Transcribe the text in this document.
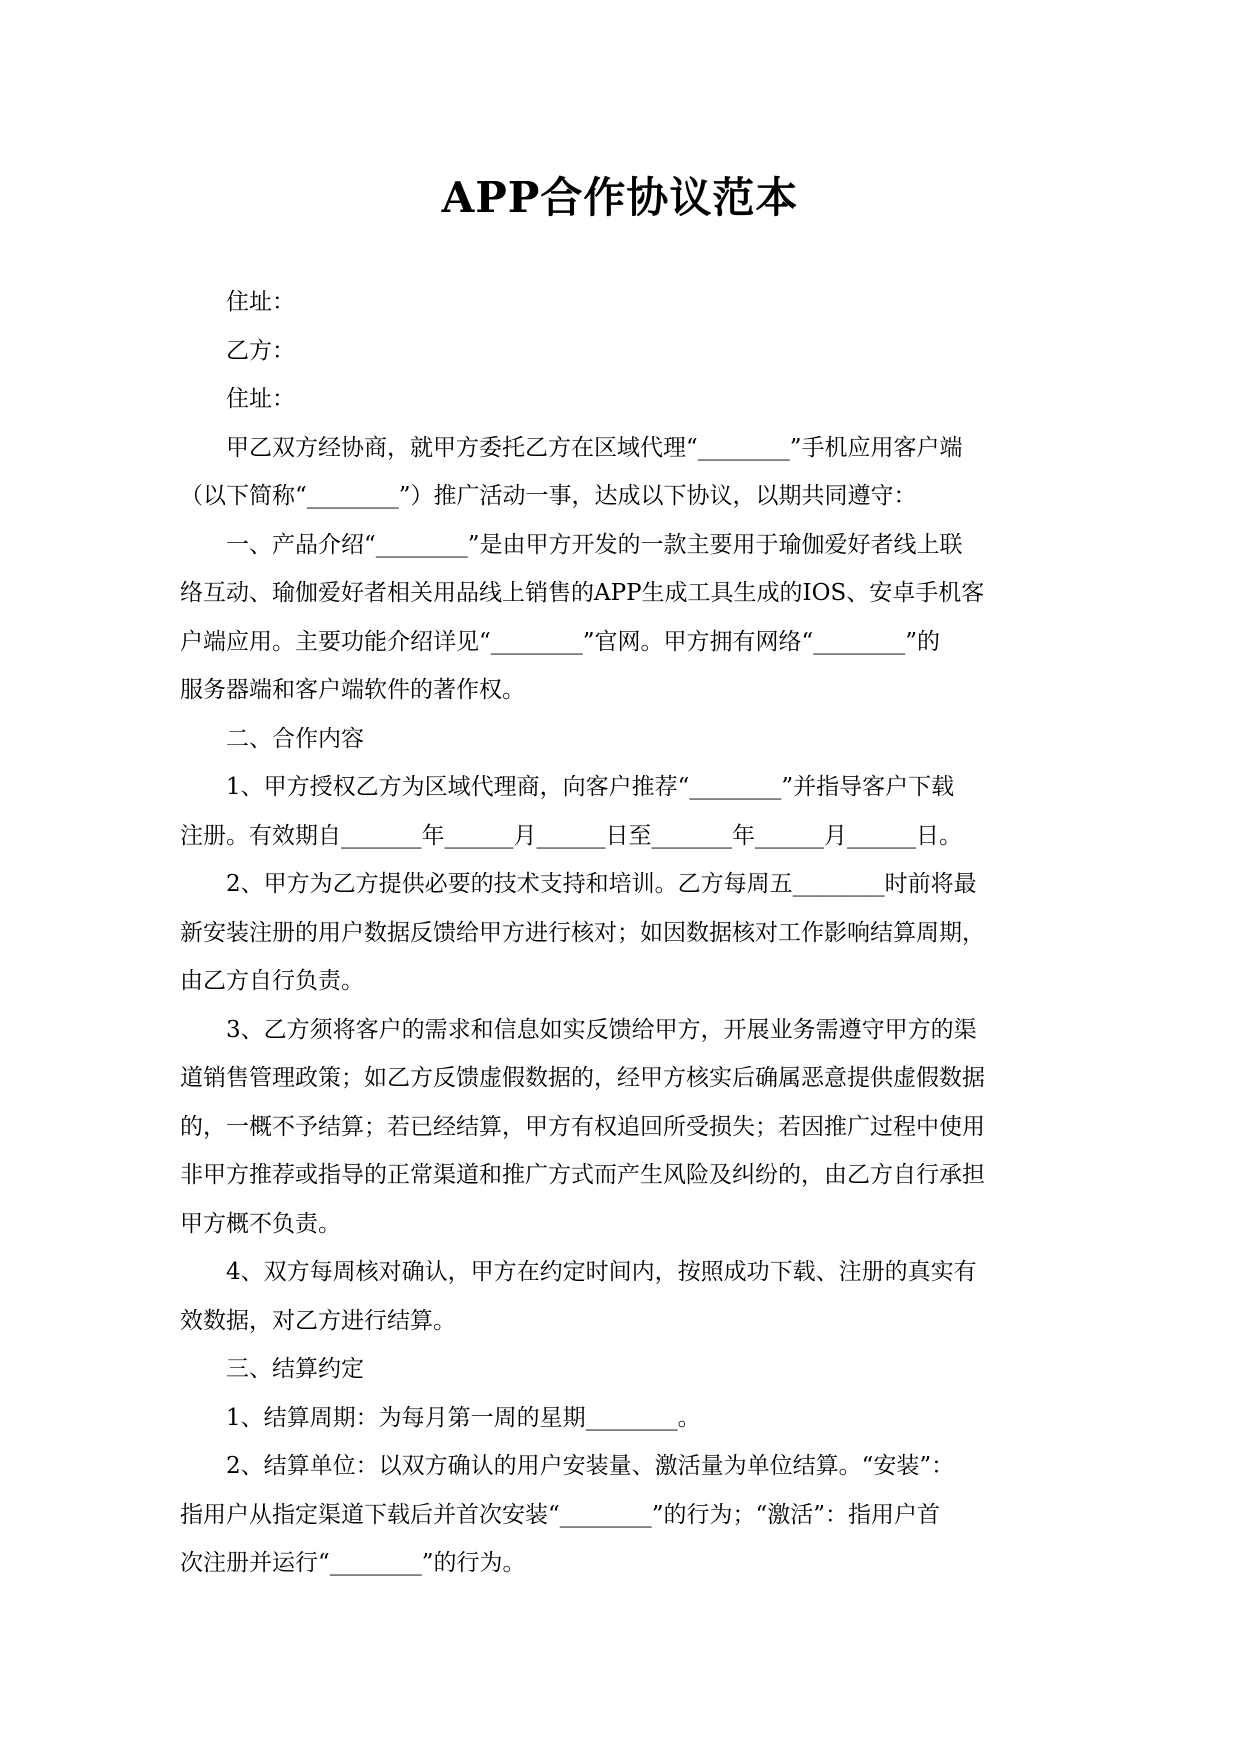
APP合作协议范本
住址：
乙方：
住址：
甲乙双方经协商，就甲方委托乙方在区域代理“________”手机应用客户端
（以下简称“________”）推广活动一事，达成以下协议，以期共同遵守：
一、产品介绍“________”是由甲方开发的一款主要用于瑜伽爱好者线上联
络互动、瑜伽爱好者相关用品线上销售的APP生成工具生成的IOS、安卓手机客
户端应用。主要功能介绍详见“________”官网。甲方拥有网络“________”的
服务器端和客户端软件的著作权。
二、合作内容
1、甲方授权乙方为区域代理商，向客户推荐“________”并指导客户下载
注册。有效期自_______年______月______日至_______年______月______日。
2、甲方为乙方提供必要的技术支持和培训。乙方每周五________时前将最
新安装注册的用户数据反馈给甲方进行核对；如因数据核对工作影响结算周期，
由乙方自行负责。
3、乙方须将客户的需求和信息如实反馈给甲方，开展业务需遵守甲方的渠
道销售管理政策；如乙方反馈虚假数据的，经甲方核实后确属恶意提供虚假数据
的，一概不予结算；若已经结算，甲方有权追回所受损失；若因推广过程中使用
非甲方推荐或指导的正常渠道和推广方式而产生风险及纠纷的，由乙方自行承担
甲方概不负责。
4、双方每周核对确认，甲方在约定时间内，按照成功下载、注册的真实有
效数据，对乙方进行结算。
三、结算约定
1、结算周期：为每月第一周的星期________。
2、结算单位：以双方确认的用户安装量、激活量为单位结算。“安装”：
指用户从指定渠道下载后并首次安装“________”的行为；“激活”：指用户首
次注册并运行“________”的行为。
